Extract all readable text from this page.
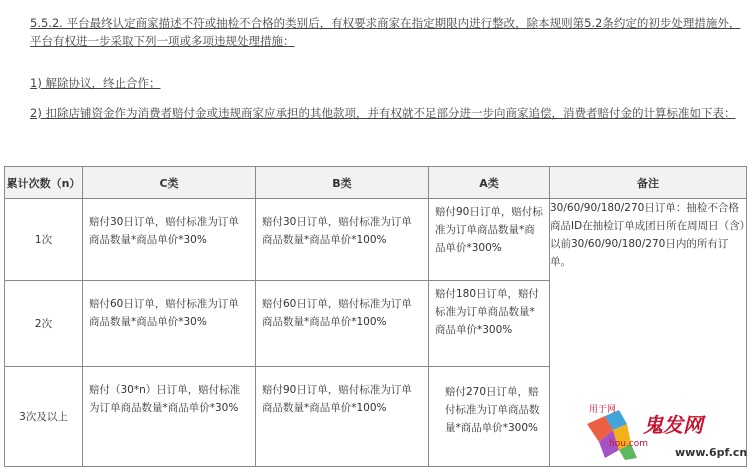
5.5.2. 平台最终认定商家描述不符或抽检不合格的类别后，有权要求商家在指定期限内进行整改，除本规则第5.2条约定的初步处理措施外，平台有权进一步采取下列一项或多项违规处理措施：
1) 解除协议，终止合作；
2) 扣除店铺资金作为消费者赔付金或违规商家应承担的其他款项，并有权就不足部分进一步向商家追偿，消费者赔付金的计算标准如下表：
累计次数（n）	C类	B类	A类	备注
1次	赔付30日订单，赔付标准为订单商品数量*商品单价*30%	赔付30日订单，赔付标准为订单商品数量*商品单价*100%	赔付90日订单，赔付标准为订单商品数量*商品单价*300%	30/60/90/180/270日订单：抽检不合格商品ID在抽检订单成团日所在周周日（含）以前30/60/90/180/270日内的所有订单。
2次	赔付60日订单，赔付标准为订单商品数量*商品单价*30%	赔付60日订单，赔付标准为订单商品数量*商品单价*100%	赔付180日订单，赔付标准为订单商品数量*商品单价*300%	

3次及以上	赔付（30*n）日订单，赔付标准为订单商品数量*商品单价*30%	赔付90日订单，赔付标准为订单商品数量*商品单价*100%	赔付270日订单，赔付标准为订单商品数量*商品单价*300%	
用于网
鬼发网
hou.com
www.6pf.cn
